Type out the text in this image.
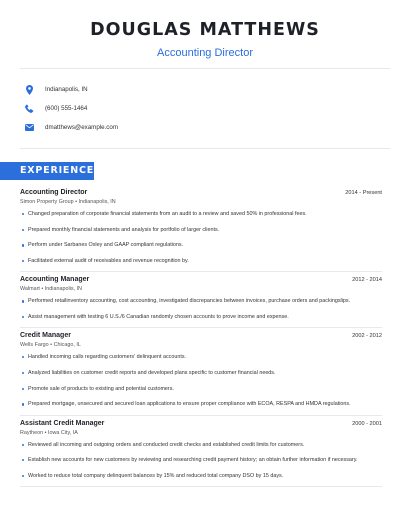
DOUGLAS MATTHEWS
Accounting Director
Indianapolis, IN
(600) 555-1464
dmatthews@example.com
EXPERIENCE
Accounting Director	2014 - Present
Simon Property Group • Indianapolis, IN
Changed preparation of corporate financial statements from an audit to a review and saved 50% in professional fees.
Prepared monthly financial statements and analysis for portfolio of larger clients.
Perform under Sarbanes Oxley and GAAP compliant regulations.
Facilitated external audit of receivables and revenue recognition by.
Accounting Manager	2012 - 2014
Walmart • Indianapolis, IN
Performed retailinventory accounting, cost accounting, investigated discrepancies between invoices, purchase orders and packingslips.
Assist management with testing 6 U.S./6 Canadian randomly chosen accounts to prove income and expense.
Credit Manager	2002 - 2012
Wells Fargo • Chicago, IL
Handled incoming calls regarding customers' delinquent accounts.
Analyzed liabilities on customer credit reports and developed plans specific to customer financial needs.
Promote sale of products to existing and potential customers.
Prepared mortgage, unsecured and secured loan applications to ensure proper compliance with ECOA, RESPA and HMDA regulations.
Assistant Credit Manager	2000 - 2001
Raytheon • Iowa City, IA
Reviewed all incoming and outgoing orders and conducted credit checks and established credit limits for customers.
Establish new accounts for new customers by reviewing and researching credit payment history; an obtain further information if necessary.
Worked to reduce total company delinquent balances by 15% and reduced total company DSO by 15 days.
